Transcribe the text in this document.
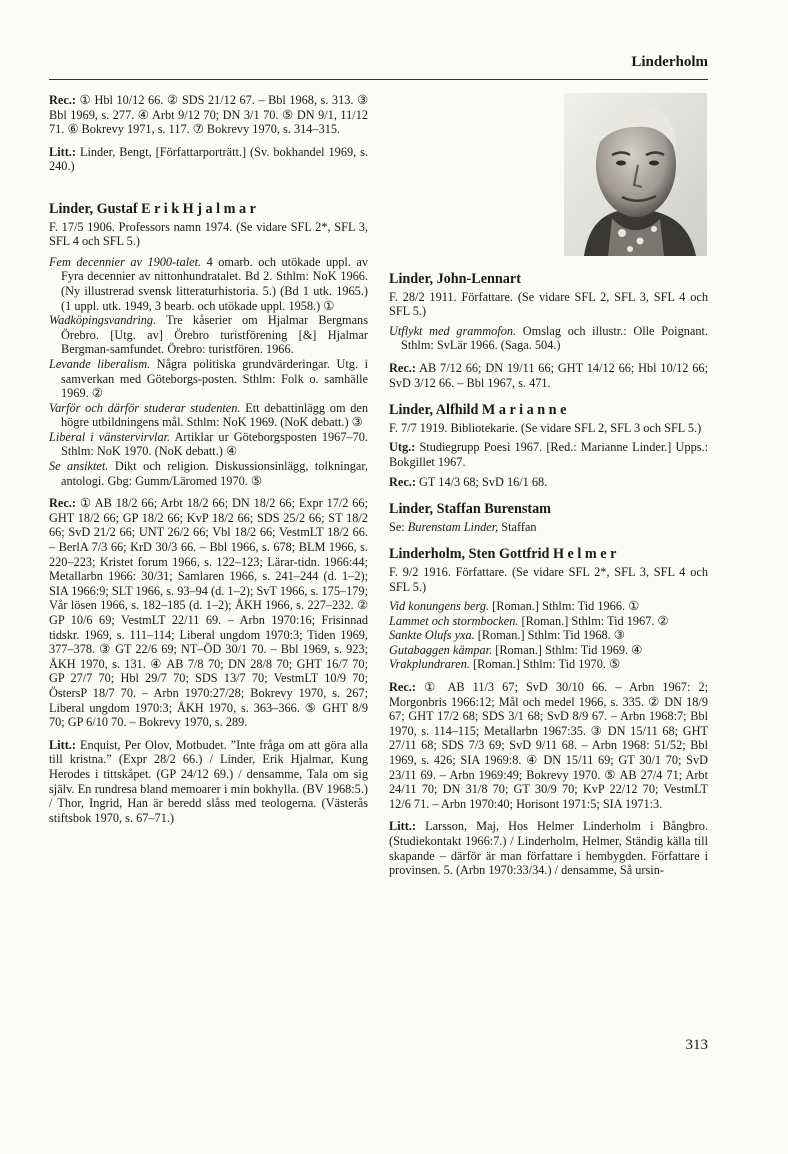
Linderholm

Rec.: ① Hbl 10/12 66. ② SDS 21/12 67. – Bbl 1968, s. 313. ③ Bbl 1969, s. 277. ④ Arbt 9/12 70; DN 3/1 70. ⑤ DN 9/1, 11/12 71. ⑥ Bokrevy 1971, s. 117. ⑦ Bokrevy 1970, s. 314–315.

Litt.: Linder, Bengt, [Författarporträtt.] (Sv. bokhandel 1969, s. 240.)

Linder, Gustaf E r i k H j a l m a r

F. 17/5 1906. Professors namn 1974. (Se vidare SFL 2*, SFL 3, SFL 4 och SFL 5.)

Fem decennier av 1900-talet. 4 omarb. och utökade uppl. av Fyra decennier av nittonhundratalet. Bd 2. Sthlm: NoK 1966. (Ny illustrerad svensk litteraturhistoria. 5.) (Bd 1 utk. 1965.) (1 uppl. utk. 1949, 3 bearb. och utökade uppl. 1958.) ①

Wadköpingsvandring. Tre kåserier om Hjalmar Bergmans Örebro. [Utg. av] Örebro turistförening [&] Hjalmar Bergman-samfundet. Örebro: turistfören. 1966.

Levande liberalism. Några politiska grundvärderingar. Utg. i samverkan med Göteborgs-posten. Sthlm: Folk o. samhälle 1969. ②

Varför och därför studerar studenten. Ett debattinlägg om den högre utbildningens mål. Sthlm: NoK 1969. (NoK debatt.) ③

Liberal i vänstervirvlar. Artiklar ur Göteborgsposten 1967–70. Sthlm: NoK 1970. (NoK debatt.) ④

Se ansiktet. Dikt och religion. Diskussionsinlägg, tolkningar, antologi. Gbg: Gumm/Läromed 1970. ⑤

Rec.: ① AB 18/2 66; Arbt 18/2 66; DN 18/2 66; Expr 17/2 66; GHT 18/2 66; GP 18/2 66; KvP 18/2 66; SDS 25/2 66; ST 18/2 66; SvD 21/2 66; UNT 26/2 66; Vbl 18/2 66; VestmLT 18/2 66. – BerlA 7/3 66; KrD 30/3 66. – Bbl 1966, s. 678; BLM 1966, s. 220–223; Kristet forum 1966, s. 122–123; Lärar-tidn. 1966:44; Metallarbn 1966: 30/31; Samlaren 1966, s. 241–244 (d. 1–2); SIA 1966:9; SLT 1966, s. 93–94 (d. 1–2); SvT 1966, s. 175–179; Vår lösen 1966, s. 182–185 (d. 1–2); ÅKH 1966, s. 227–232. ② GP 10/6 69; VestmLT 22/11 69. – Arbn 1970:16; Frisinnad tidskr. 1969, s. 111–114; Liberal ungdom 1970:3; Tiden 1969, 377–378. ③ GT 22/6 69; NT–ÖD 30/1 70. – Bbl 1969, s. 923; ÅKH 1970, s. 131. ④ AB 7/8 70; DN 28/8 70; GHT 16/7 70; GP 27/7 70; Hbl 29/7 70; SDS 13/7 70; VestmLT 10/9 70; ÖstersP 18/7 70. – Arbn 1970:27/28; Bokrevy 1970, s. 267; Liberal ungdom 1970:3; ÅKH 1970, s. 363–366. ⑤ GHT 8/9 70; GP 6/10 70. – Bokrevy 1970, s. 289.

Litt.: Enquist, Per Olov, Motbudet. ”Inte fråga om att göra alla till kristna.” (Expr 28/2 66.) / Linder, Erik Hjalmar, Kung Herodes i tittskåpet. (GP 24/12 69.) / densamme, Tala om sig själv. En rundresa bland memoarer i min bokhylla. (BV 1968:5.) / Thor, Ingrid, Han är beredd slåss med teologerna. (Västerås stiftsbok 1970, s. 67–71.)

Linder, John-Lennart

F. 28/2 1911. Författare. (Se vidare SFL 2, SFL 3, SFL 4 och SFL 5.)

Utflykt med grammofon. Omslag och illustr.: Olle Poignant. Sthlm: SvLär 1966. (Saga. 504.)

Rec.: AB 7/12 66; DN 19/11 66; GHT 14/12 66; Hbl 10/12 66; SvD 3/12 66. – Bbl 1967, s. 471.

Linder, Alfhild M a r i a n n e

F. 7/7 1919. Bibliotekarie. (Se vidare SFL 2, SFL 3 och SFL 5.)

Utg.: Studiegrupp Poesi 1967. [Red.: Marianne Linder.] Upps.: Bokgillet 1967.

Rec.: GT 14/3 68; SvD 16/1 68.

Linder, Staffan Burenstam

Se: Burenstam Linder, Staffan

Linderholm, Sten Gottfrid H e l m e r

F. 9/2 1916. Författare. (Se vidare SFL 2*, SFL 3, SFL 4 och SFL 5.)

Vid konungens berg. [Roman.] Sthlm: Tid 1966. ①

Lammet och stormbocken. [Roman.] Sthlm: Tid 1967. ②

Sankte Olufs yxa. [Roman.] Sthlm: Tid 1968. ③

Gutabaggen kämpar. [Roman.] Sthlm: Tid 1969. ④

Vrakplundraren. [Roman.] Sthlm: Tid 1970. ⑤

Rec.: ① AB 11/3 67; SvD 30/10 66. – Arbn 1967: 2; Morgonbris 1966:12; Mål och medel 1966, s. 335. ② DN 18/9 67; GHT 17/2 68; SDS 3/1 68; SvD 8/9 67. – Arbn 1968:7; Bbl 1970, s. 114–115; Metallarbn 1967:35. ③ DN 15/11 68; GHT 27/11 68; SDS 7/3 69; SvD 9/11 68. – Arbn 1968: 51/52; Bbl 1969, s. 426; SIA 1969:8. ④ DN 15/11 69; GT 30/1 70; SvD 23/11 69. – Arbn 1969:49; Bokrevy 1970. ⑤ AB 27/4 71; Arbt 24/11 70; DN 31/8 70; GT 30/9 70; KvP 22/12 70; VestmLT 12/6 71. – Arbn 1970:40; Horisont 1971:5; SIA 1971:3.

Litt.: Larsson, Maj, Hos Helmer Linderholm i Bångbro. (Studiekontakt 1966:7.) / Linderholm, Helmer, Ständig källa till skapande – därför är man författare i hembygden. Författare i provinsen. 5. (Arbn 1970:33/34.) / densamme, Så ursin-

313
